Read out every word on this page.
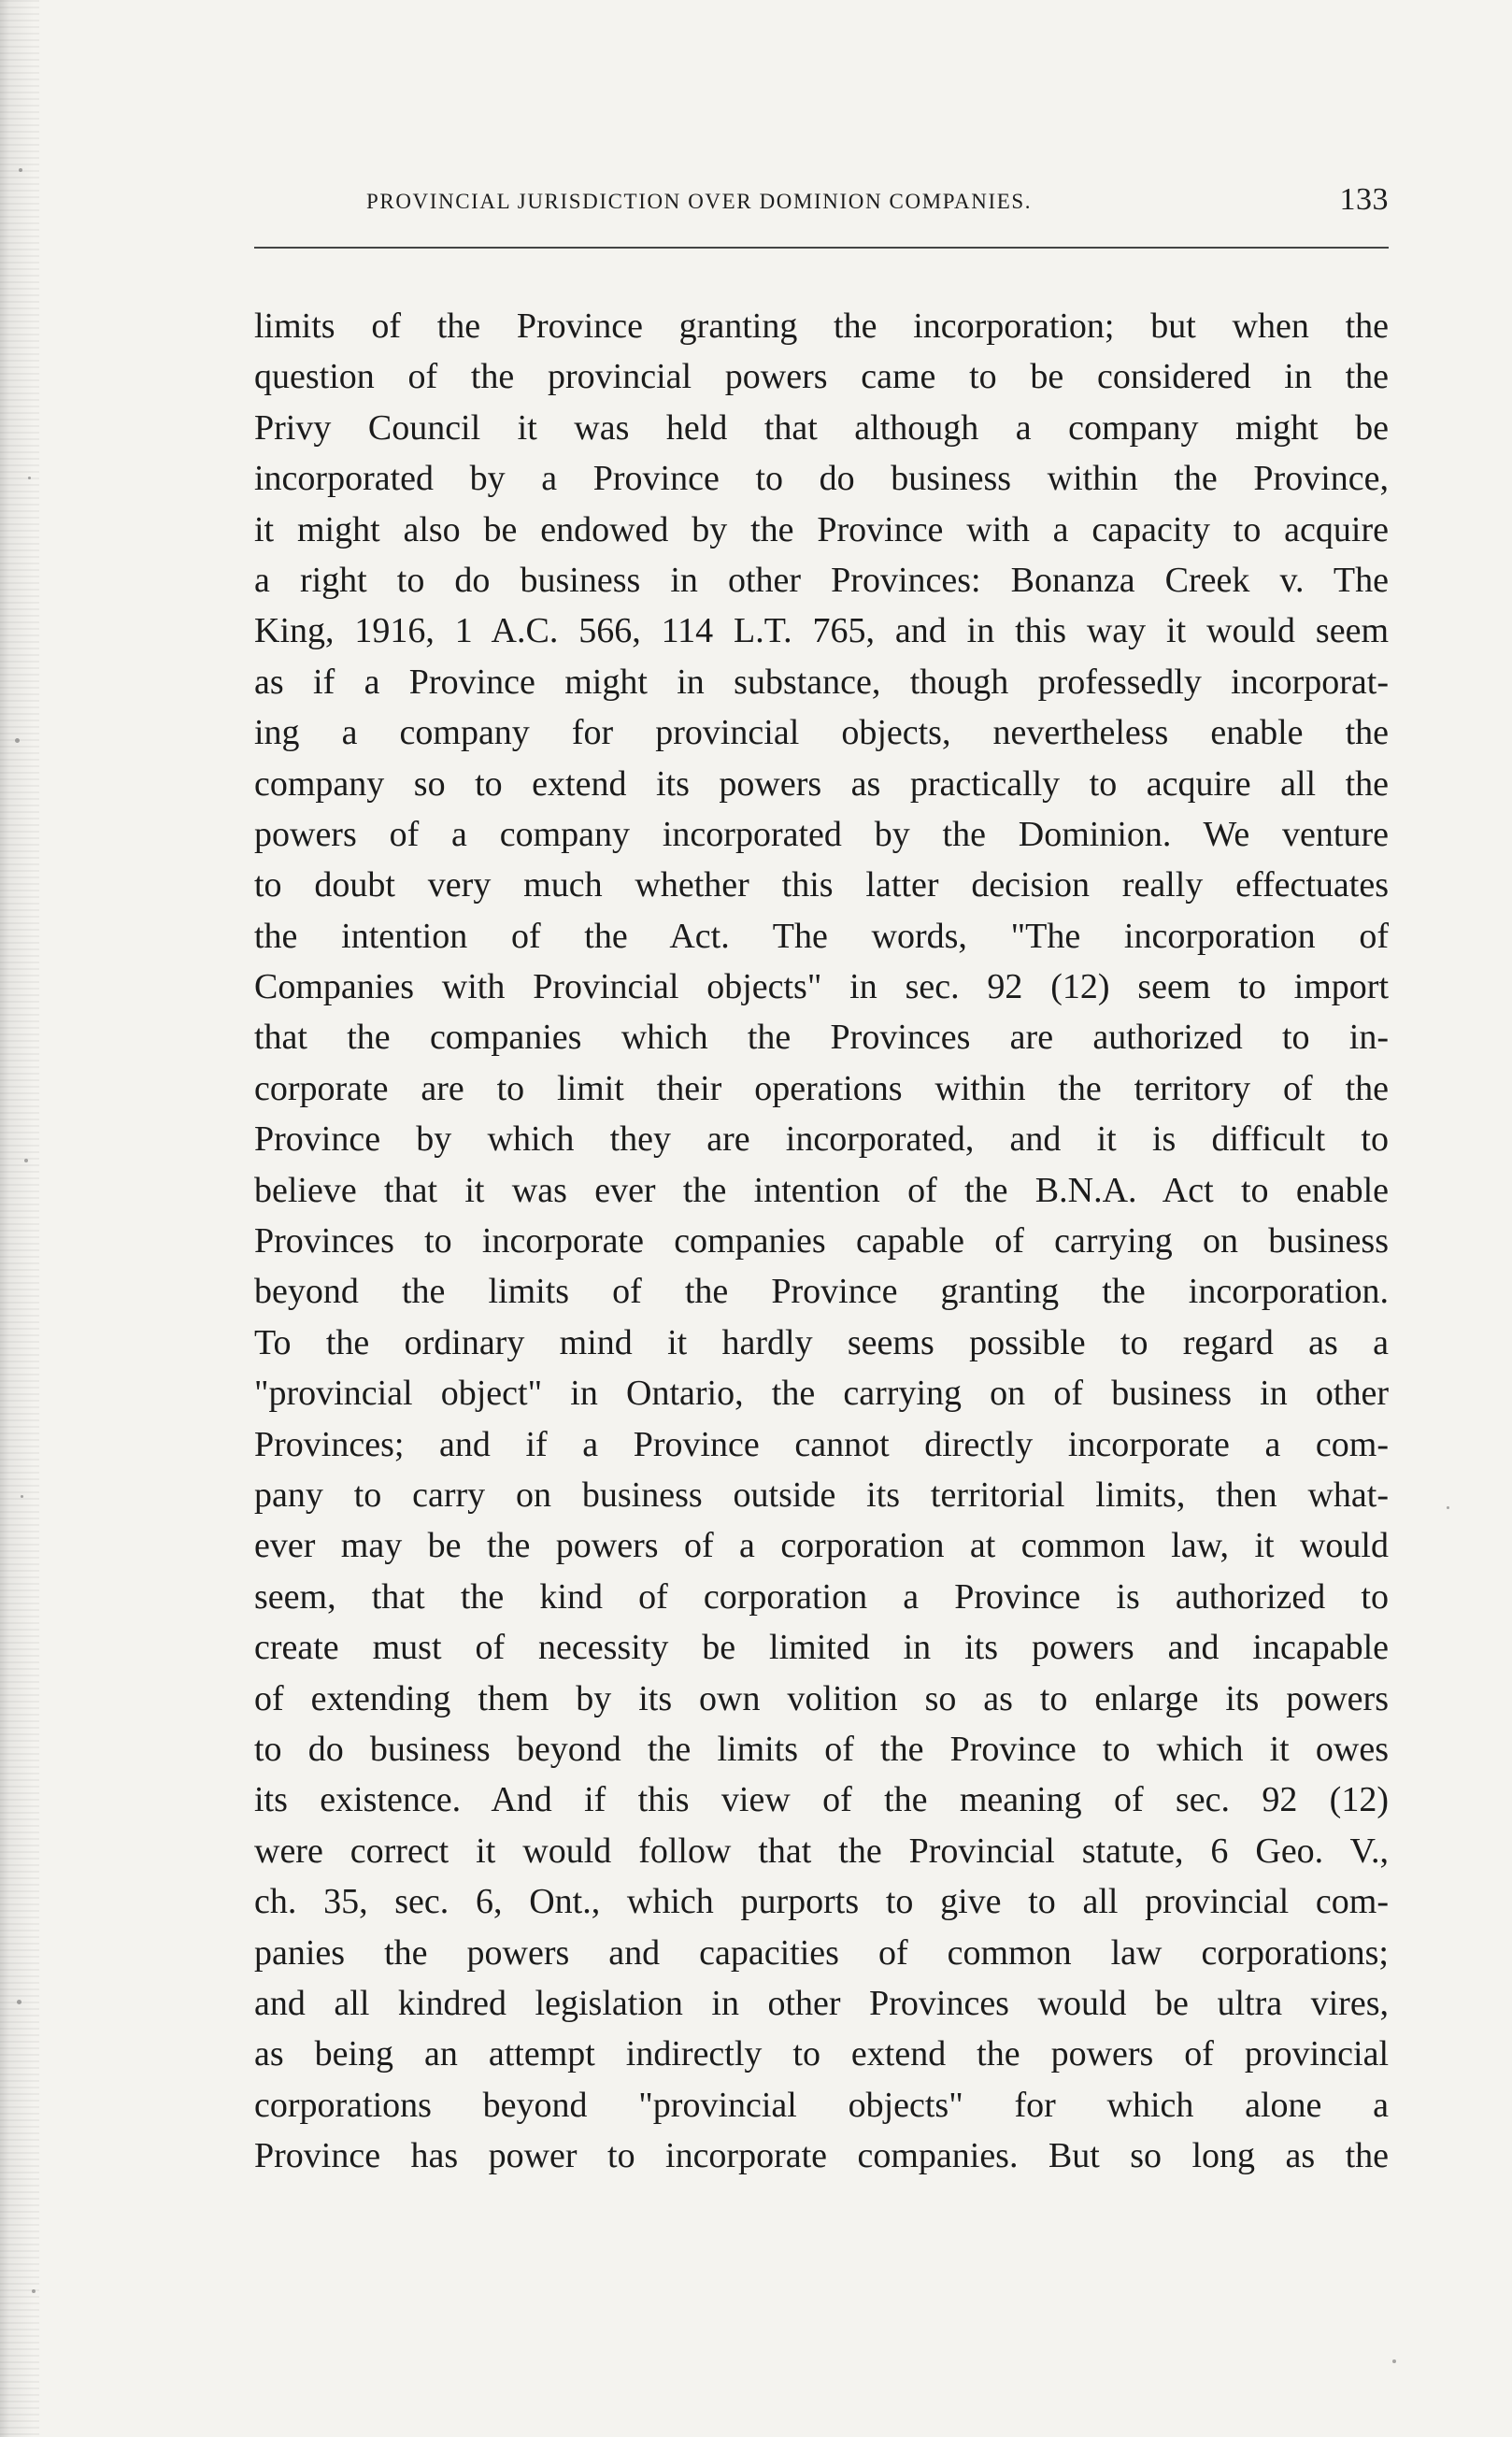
PROVINCIAL JURISDICTION OVER DOMINION COMPANIES.	133
limits of the Province granting the incorporation; but when the
question of the provincial powers came to be considered in the
Privy Council it was held that although a company might be
incorporated by a Province to do business within the Province,
it might also be endowed by the Province with a capacity to acquire
a right to do business in other Provinces: Bonanza Creek v. The
King, 1916, 1 A.C. 566, 114 L.T. 765, and in this way it would seem
as if a Province might in substance, though professedly incorporat-
ing a company for provincial objects, nevertheless enable the
company so to extend its powers as practically to acquire all the
powers of a company incorporated by the Dominion. We venture
to doubt very much whether this latter decision really effectuates
the intention of the Act. The words, "The incorporation of
Companies with Provincial objects" in sec. 92 (12) seem to import
that the companies which the Provinces are authorized to in-
corporate are to limit their operations within the territory of the
Province by which they are incorporated, and it is difficult to
believe that it was ever the intention of the B.N.A. Act to enable
Provinces to incorporate companies capable of carrying on business
beyond the limits of the Province granting the incorporation.
To the ordinary mind it hardly seems possible to regard as a
"provincial object" in Ontario, the carrying on of business in other
Provinces; and if a Province cannot directly incorporate a com-
pany to carry on business outside its territorial limits, then what-
ever may be the powers of a corporation at common law, it would
seem, that the kind of corporation a Province is authorized to
create must of necessity be limited in its powers and incapable
of extending them by its own volition so as to enlarge its powers
to do business beyond the limits of the Province to which it owes
its existence. And if this view of the meaning of sec. 92 (12)
were correct it would follow that the Provincial statute, 6 Geo. V.,
ch. 35, sec. 6, Ont., which purports to give to all provincial com-
panies the powers and capacities of common law corporations;
and all kindred legislation in other Provinces would be ultra vires,
as being an attempt indirectly to extend the powers of provincial
corporations beyond "provincial objects" for which alone a
Province has power to incorporate companies. But so long as the
